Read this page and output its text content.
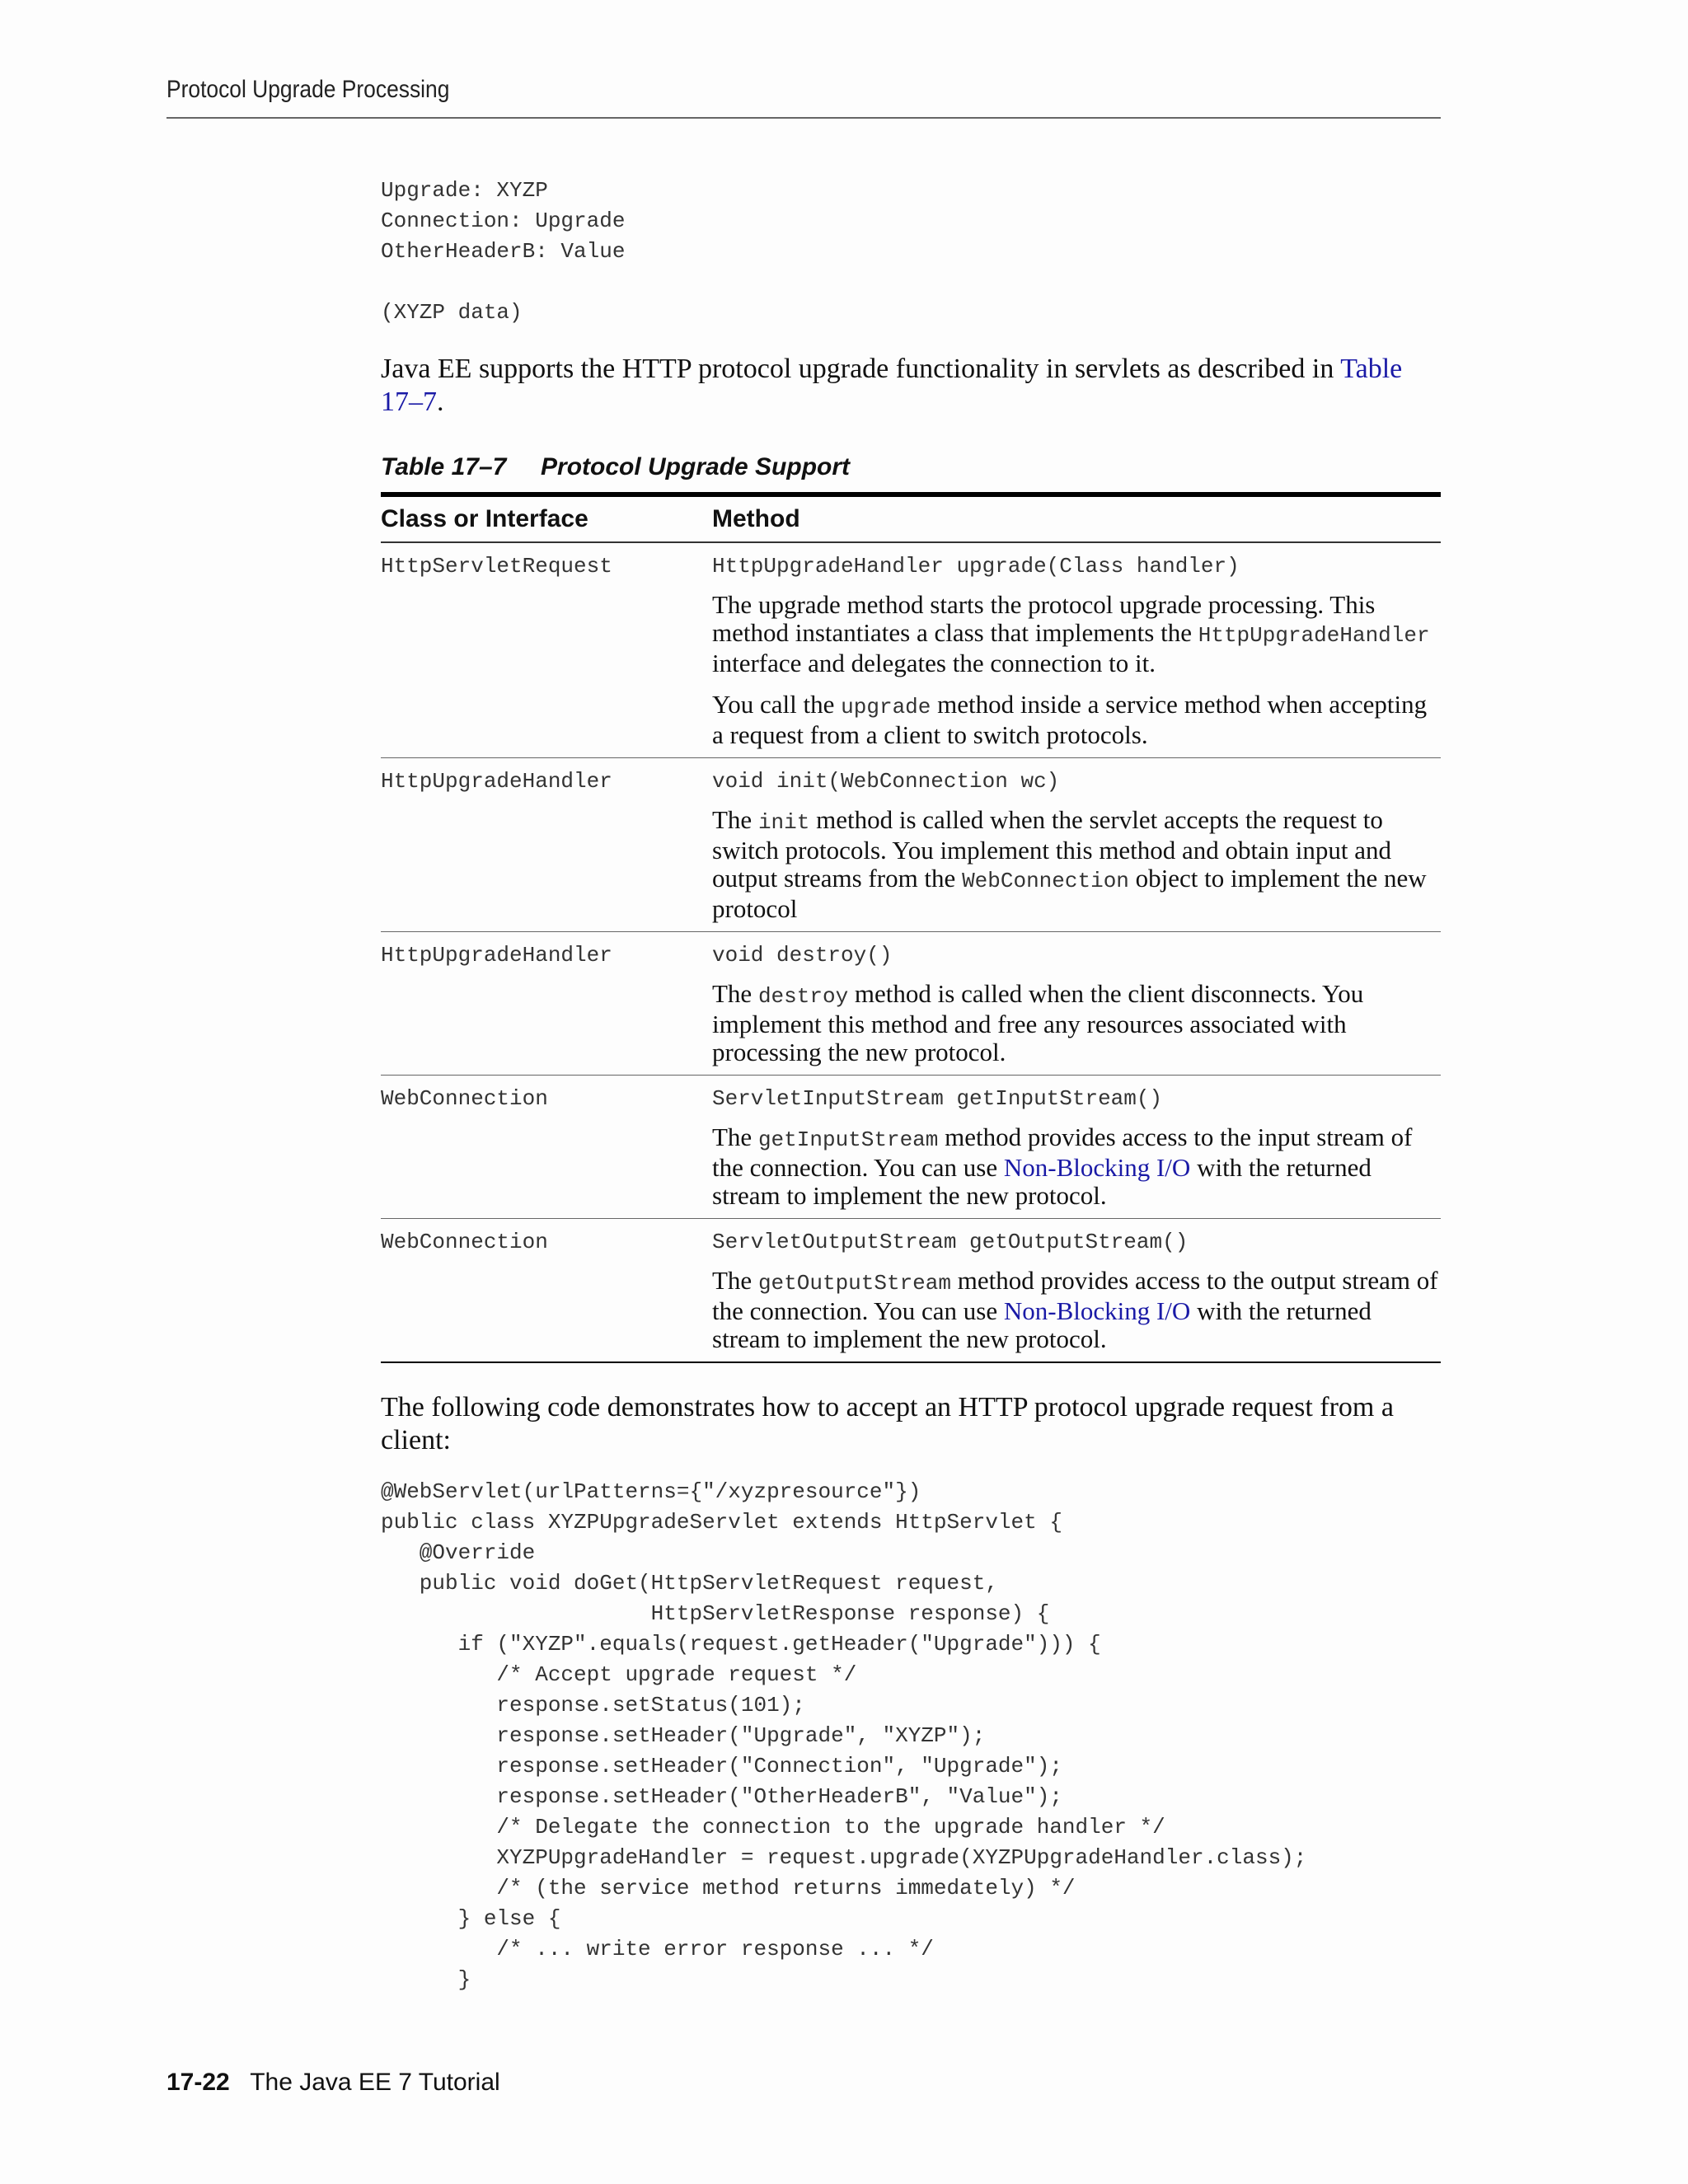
Protocol Upgrade Processing
Upgrade: XYZP
Connection: Upgrade
OtherHeaderB: Value

(XYZP data)

Java EE supports the HTTP protocol upgrade functionality in servlets as described in Table 17–7.

Table 17–7 Protocol Upgrade Support
Class or Interface	Method
HttpServletRequest	HttpUpgradeHandler upgrade(Class handler)
The upgrade method starts the protocol upgrade processing. This method instantiates a class that implements the HttpUpgradeHandler interface and delegates the connection to it.
You call the upgrade method inside a service method when accepting a request from a client to switch protocols.

HttpUpgradeHandler	void init(WebConnection wc)
The init method is called when the servlet accepts the request to switch protocols. You implement this method and obtain input and output streams from the WebConnection object to implement the new protocol

HttpUpgradeHandler	void destroy()
The destroy method is called when the client disconnects. You implement this method and free any resources associated with processing the new protocol.

WebConnection	ServletInputStream getInputStream()
The getInputStream method provides access to the input stream of the connection. You can use Non-Blocking I/O with the returned stream to implement the new protocol.

WebConnection	ServletOutputStream getOutputStream()
The getOutputStream method provides access to the output stream of the connection. You can use Non-Blocking I/O with the returned stream to implement the new protocol.

The following code demonstrates how to accept an HTTP protocol upgrade request from a client:

@WebServlet(urlPatterns={"/xyzpresource"})
public class XYZPUpgradeServlet extends HttpServlet {
@Override
public void doGet(HttpServletRequest request,
HttpServletResponse response) {
if ("XYZP".equals(request.getHeader("Upgrade"))) {
/* Accept upgrade request */
response.setStatus(101);
response.setHeader("Upgrade", "XYZP");
response.setHeader("Connection", "Upgrade");
response.setHeader("OtherHeaderB", "Value");
/* Delegate the connection to the upgrade handler */
XYZPUpgradeHandler = request.upgrade(XYZPUpgradeHandler.class);
/* (the service method returns immedately) */
} else {
/* ... write error response ... */
}
17-22 The Java EE 7 Tutorial
